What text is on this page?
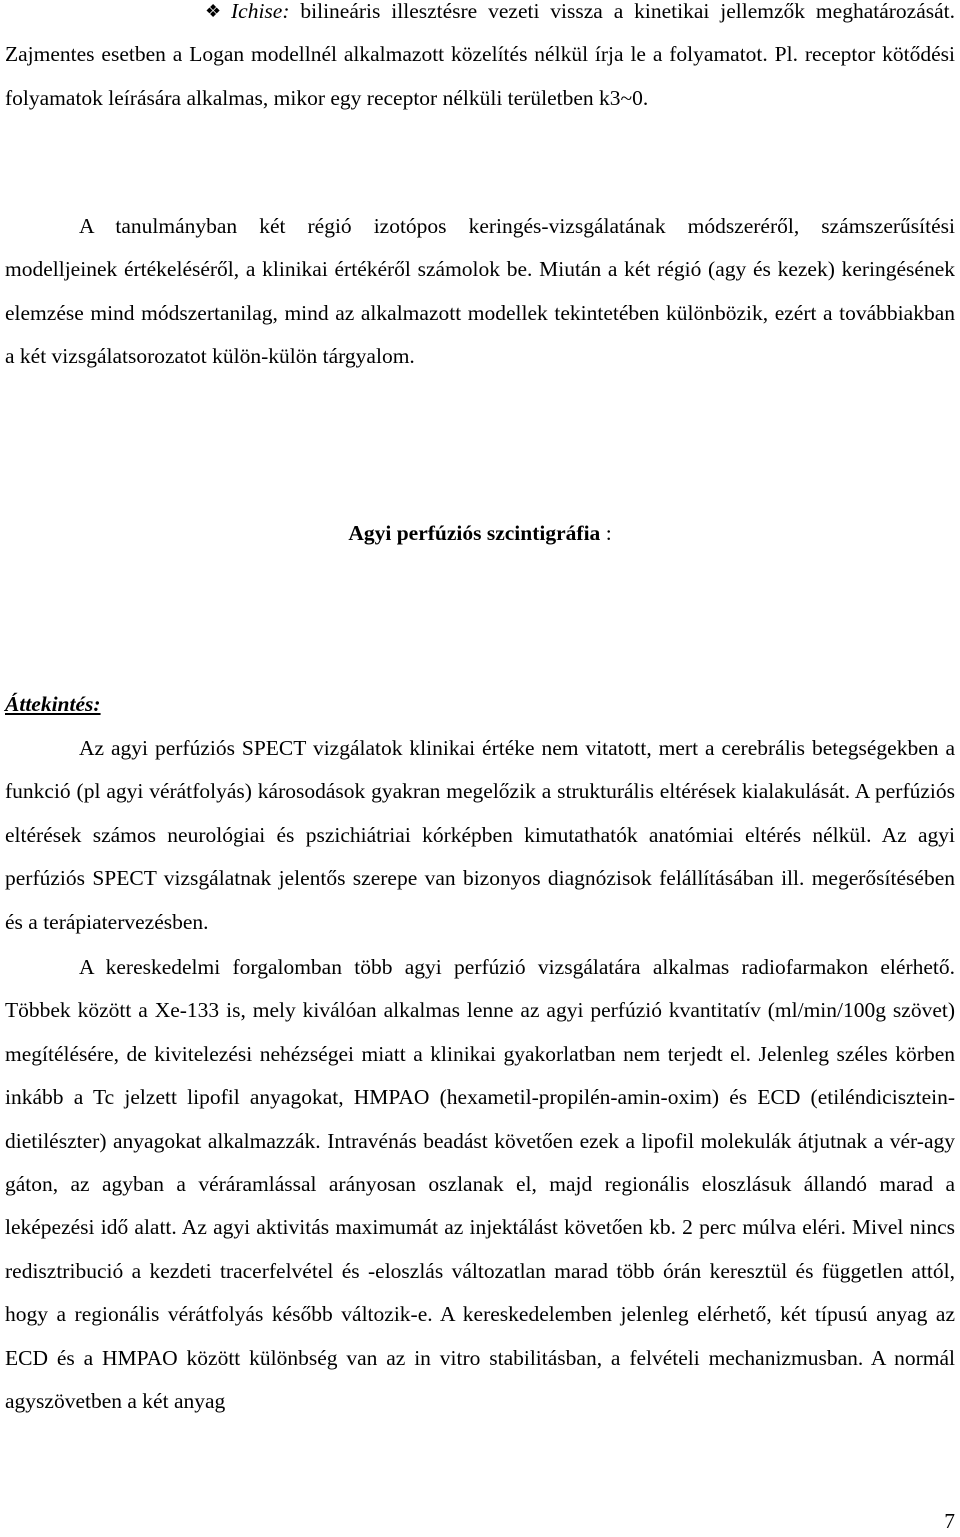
❖ Ichise: bilineáris illesztésre vezeti vissza a kinetikai jellemzők meghatározását. Zajmentes esetben a Logan modellnél alkalmazott közelítés nélkül írja le a folyamatot. Pl. receptor kötődési folyamatok leírására alkalmas, mikor egy receptor nélküli területben k3~0.

A tanulmányban két régió izotópos keringés-vizsgálatának módszeréről, számszerűsítési modelljeinek értékeléséről, a klinikai értékéről számolok be. Miután a két régió (agy és kezek) keringésének elemzése mind módszertanilag, mind az alkalmazott modellek tekintetében különbözik, ezért a továbbiakban a két vizsgálatsorozatot külön-külön tárgyalom.

Agyi perfúziós szcintigráfia :

Áttekintés:

Az agyi perfúziós SPECT vizgálatok klinikai értéke nem vitatott, mert a cerebrális betegségekben a funkció (pl agyi vérátfolyás) károsodások gyakran megelőzik a strukturális eltérések kialakulását. A perfúziós eltérések számos neurológiai és pszichiátriai kórképben kimutathatók anatómiai eltérés nélkül. Az agyi perfúziós SPECT vizsgálatnak jelentős szerepe van bizonyos diagnózisok felállításában ill. megerősítésében és a terápiatervezésben.

A kereskedelmi forgalomban több agyi perfúzió vizsgálatára alkalmas radiofarmakon elérhető. Többek között a Xe-133 is, mely kiválóan alkalmas lenne az agyi perfúzió kvantitatív (ml/min/100g szövet) megítélésére, de kivitelezési nehézségei miatt a klinikai gyakorlatban nem terjedt el. Jelenleg széles körben inkább a Tc jelzett lipofil anyagokat, HMPAO (hexametil-propilén-amin-oxim) és ECD (etiléndicisztein-dietilészter) anyagokat alkalmazzák. Intravénás beadást követően ezek a lipofil molekulák átjutnak a vér-agy gáton, az agyban a véráramlással arányosan oszlanak el, majd regionális eloszlásuk állandó marad a leképezési idő alatt. Az agyi aktivitás maximumát az injektálást követően kb. 2 perc múlva eléri. Mivel nincs redisztribució a kezdeti tracerfelvétel és -eloszlás változatlan marad több órán keresztül és független attól, hogy a regionális vérátfolyás később változik-e. A kereskedelemben jelenleg elérhető, két típusú anyag az ECD és a HMPAO között különbség van az in vitro stabilitásban, a felvételi mechanizmusban. A normál agyszövetben a két anyag

7
